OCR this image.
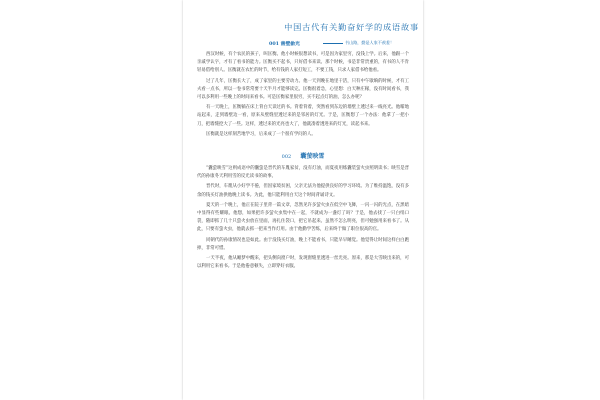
中国古代有关勤奋好学的成语故事
001 凿壁偷光	书山路，勤是人家不羡羞！

西汉时候，有个农民的孩子，叫匡衡。他小时候很想读书，可是因为家里穷，没钱上学。后来，他跟一个亲戚学认字，才有了看书的能力。匡衡买不起书，只好借书来读。那个时候，书是非常贵重的，有书的人不肯轻易借给别人。匡衡就在农忙的时节，给有钱的人家打短工，不要工钱，只求人家借书给他看。

过了几年，匡衡长大了，成了家里的主要劳动力。他一天到晚在地里干活，只有中午歇晌的时候，才有工夫看一点书，所以一卷书常常要十天半月才能够读完。匡衡很着急，心里想：白天种庄稼，没有时间看书，我可以多利用一些晚上的时间来看书。可是匡衡家里很穷，买不起点灯的油，怎么办呢？

有一天晚上，匡衡躺在床上背白天读过的书。背着背着，突然看到东边的墙壁上透过来一线亮光。他嚯地站起来，走到墙壁边一看，原来从壁缝里透过来的是邻居的灯光。于是，匡衡想了一个办法：他拿了一把小刀，把墙缝挖大了一些。这样，透过来的光亮也大了，他就凑着透进来的灯光，读起书来。

匡衡就是这样刻苦地学习，后来成了一个很有学问的人。

002 囊萤映雪

“囊萤映雪”这则成语中的囊萤是晋代的车胤家贫，没有灯油，而夏夜用练囊装萤火虫照明读书；映雪是晋代的孙康冬天利用雪的反光读书的故事。

晋代时，车胤从小好学不倦，但因家境贫困，父亲无法为他提供良好的学习环境。为了维持温饱，没有多余的钱买灯油供他晚上读书。为此，他只能利用白天这个时间背诵诗文。

夏天的一个晚上，他正在院子里背一篇文章，忽然见许多萤火虫在低空中飞舞，一闪一闪的光点，在黑暗中显得有些耀眼。他想，如果把许多萤火虫集中在一起，不就成为一盏灯了吗？于是，他去找了一只白绢口袋，随即抓了几十只萤火虫放在里面，再扎住袋口，把它吊起来。虽然不怎么明亮，但可勉强用来看书了。从此，只要有萤火虫，他就去抓一把来当作灯用。由于他勤学苦练，后来终于做了职位很高的官。

同朝代的孙康情况也是如此。由于没钱买灯油，晚上不能看书，只能早早睡觉。他觉得让时间这样白白跑掉，非常可惜。

一天半夜，他从睡梦中醒来，把头侧向窗户时，发现窗缝里透进一丝光亮。原来，那是大雪映出来的，可以利用它来看书。于是他倦意顿失，立即穿好衣服。
